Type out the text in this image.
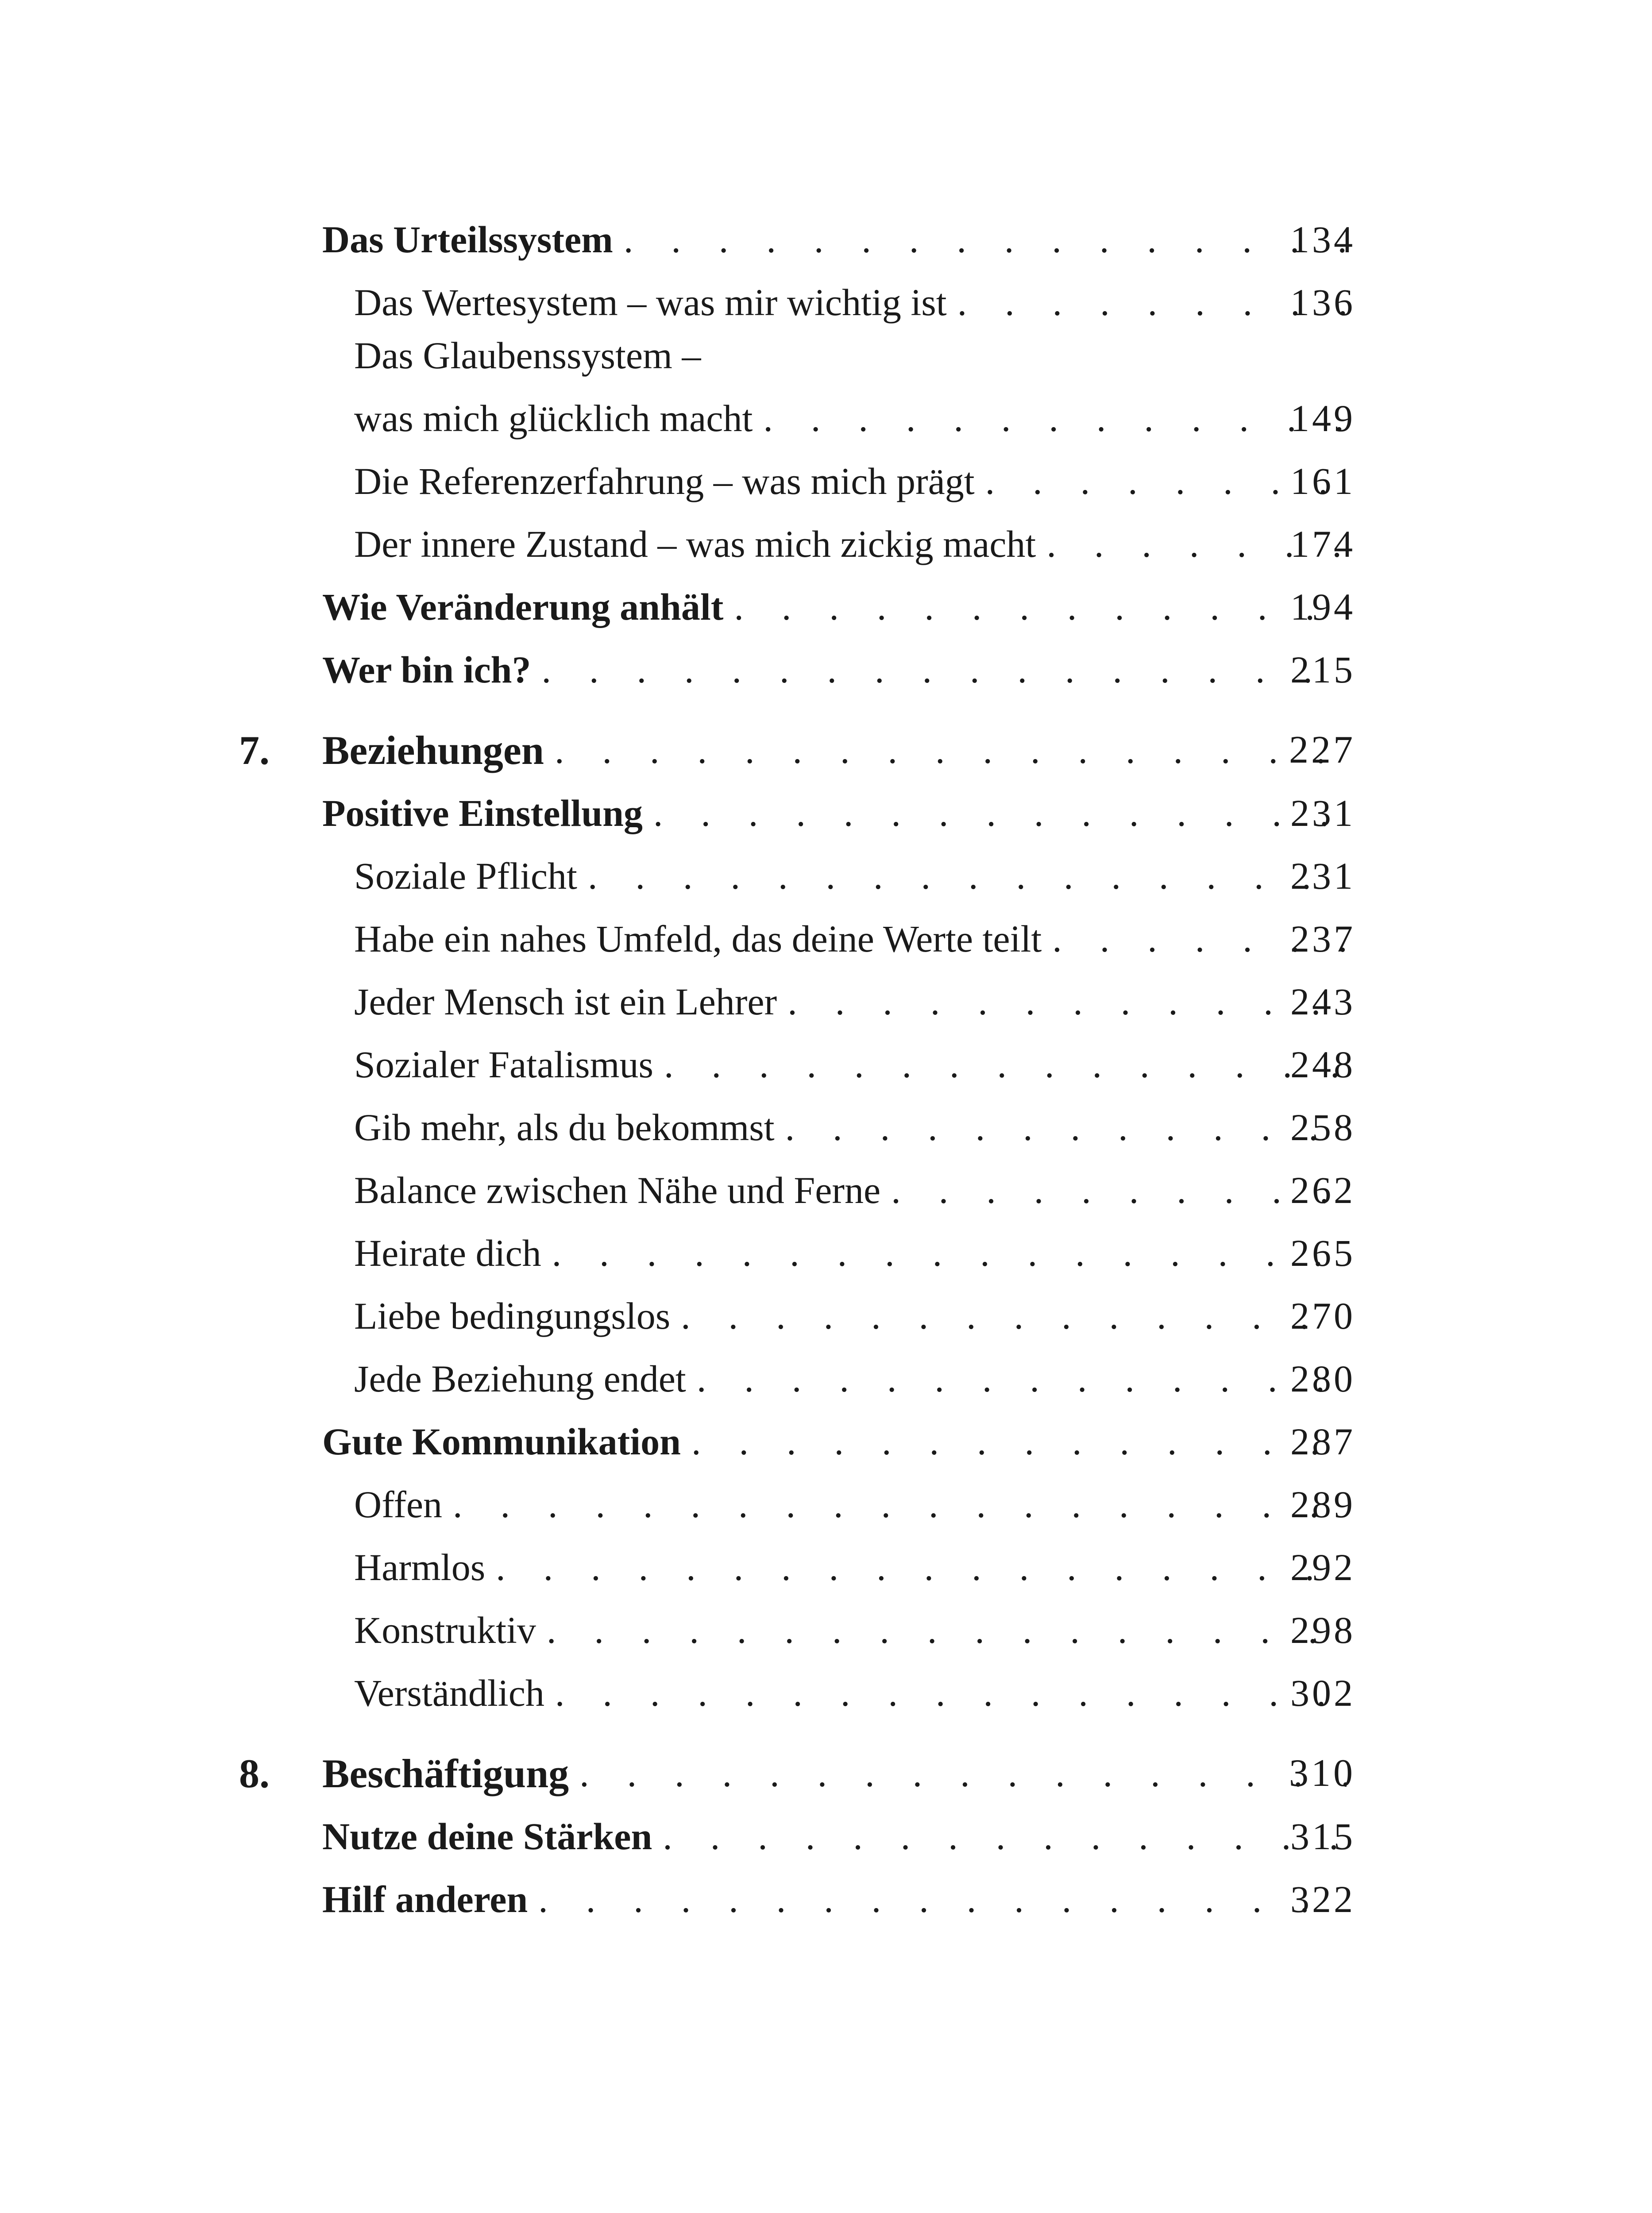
Das Urteilssystem . . .	134
Das Wertesystem – was mir wichtig ist . . .	136
Das Glaubenssystem –
was mich glücklich macht . . .	149
Die Referenzerfahrung – was mich prägt . . .	161
Der innere Zustand – was mich zickig macht . . .	174
Wie Veränderung anhält . . .	194
Wer bin ich? . . .	215
7. Beziehungen . . .	227
Positive Einstellung . . .	231
Soziale Pflicht . . .	231
Habe ein nahes Umfeld, das deine Werte teilt . . .	237
Jeder Mensch ist ein Lehrer . . .	243
Sozialer Fatalismus . . .	248
Gib mehr, als du bekommst . . .	258
Balance zwischen Nähe und Ferne . . .	262
Heirate dich . . .	265
Liebe bedingungslos . . .	270
Jede Beziehung endet . . .	280
Gute Kommunikation . . .	287
Offen . . .	289
Harmlos . . .	292
Konstruktiv . . .	298
Verständlich . . .	302
8. Beschäftigung . . .	310
Nutze deine Stärken . . .	315
Hilf anderen . . .	322
